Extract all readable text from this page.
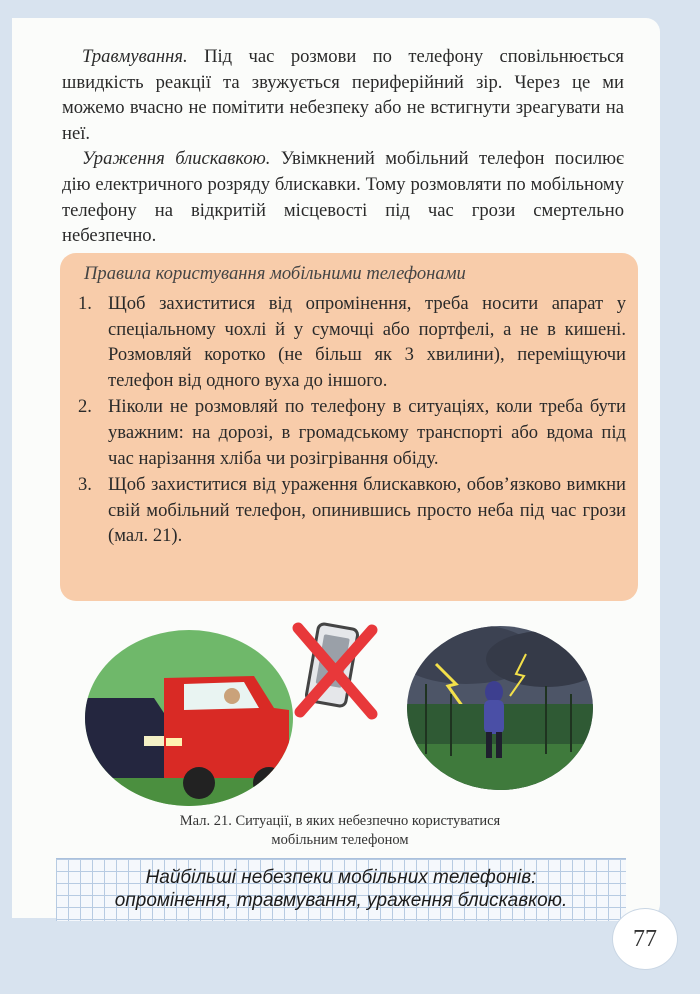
Травмування. Під час розмови по телефону сповільнюється швидкість реакції та звужується периферійний зір. Через це ми можемо вчасно не помітити небезпеку або не встигнути зреагувати на неї.

Ураження блискавкою. Увімкнений мобільний телефон посилює дію електричного розряду блискавки. Тому розмовляти по мобільному телефону на відкритій місцевості під час грози смертельно небезпечно.

Правила користування мобільними телефонами
1. Щоб захиститися від опромінення, треба носити апарат у спеціальному чохлі й у сумочці або портфелі, а не в кишені. Розмовляй коротко (не більш як 3 хвилини), переміщуючи телефон від одного вуха до іншого.
2. Ніколи не розмовляй по телефону в ситуаціях, коли треба бути уважним: на дорозі, в громадському транспорті або вдома під час нарізання хліба чи розігрівання обіду.
3. Щоб захиститися від ураження блискавкою, обов’язково вимкни свій мобільний телефон, опинившись просто неба під час грози (мал. 21).
Мал. 21. Ситуації, в яких небезпечно користуватися
мобільним телефоном
Найбільші небезпеки мобільних телефонів:
опромінення, травмування, ураження блискавкою.
77
